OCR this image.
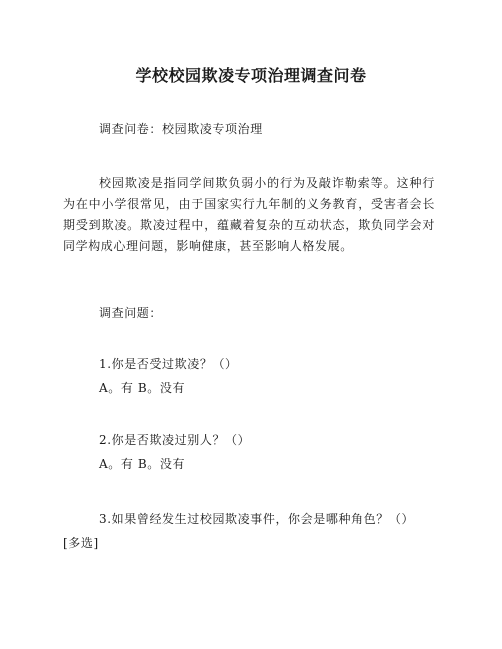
学校校园欺凌专项治理调查问卷

调查问卷：校园欺凌专项治理

校园欺凌是指同学间欺负弱小的行为及敲诈勒索等。这种行为在中小学很常见，由于国家实行九年制的义务教育，受害者会长期受到欺凌。欺凌过程中，蕴藏着复杂的互动状态，欺负同学会对同学构成心理问题，影响健康，甚至影响人格发展。

调查问题：

1.你是否受过欺凌？（）

A。有 B。没有

2.你是否欺凌过别人？（）

A。有 B。没有

3.如果曾经发生过校园欺凌事件，你会是哪种角色？（）

[多选]
